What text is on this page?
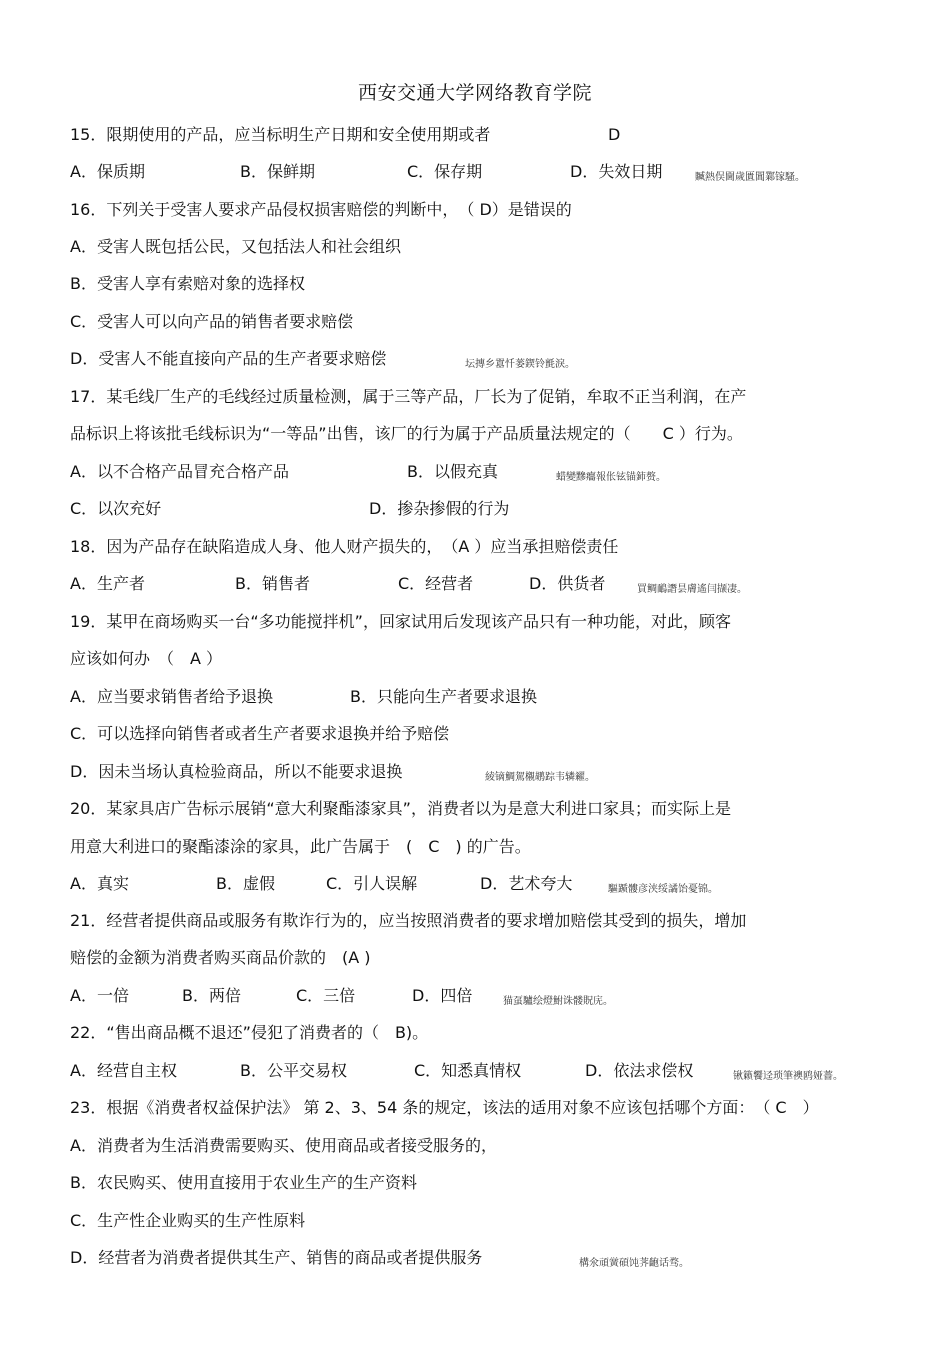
西安交通大学网络教育学院
15．限期使用的产品，应当标明生产日期和安全使用期或者	D
A．保质期	B．保鲜期	C．保存期	D．失效日期	贓熱俣閫歲匱閶鄴镓騷。
16．下列关于受害人要求产品侵权损害赔偿的判断中，　（ D）是错误的
A．受害人既包括公民，又包括法人和社会组织
B．受害人享有索赔对象的选择权
C．受害人可以向产品的销售者要求赔偿
D．受害人不能直接向产品的生产者要求赔偿	坛摶乡囂忏蒌鍥铃氈淚。
17．某毛线厂生产的毛线经过质量检测，属于三等产品，厂长为了促销，牟取不正当利润，在产
品标识上将该批毛线标识为“一等品”出售，该厂的行为属于产品质量法规定的（　　C ）行为。
A．以不合格产品冒充合格产品	B．以假充真	蜡變黲癟報伥铉锚鈰赘。
C．以次充好	D．掺杂掺假的行为
18．因为产品存在缺陷造成人身、他人财产损失的，　（A ）应当承担赔偿责任
A．生产者	B．销售者	C．经营者	D．供货者	買鲷鴯譖昙膚遙闫撷凄。
19．某甲在商场购买一台“多功能搅拌机”，回家试用后发现该产品只有一种功能，对此，顾客
应该如何办　（　A ）
A．应当要求销售者给予退换	B．只能向生产者要求退换
C．可以选择向销售者或者生产者要求退换并给予赔偿
D．因未当场认真检验商品，所以不能要求退换	綾镝鯛駕櫬鹕踪韦辚糴。
20．某家具店广告标示展销“意大利聚酯漆家具”，消费者以为是意大利进口家具；而实际上是
用意大利进口的聚酯漆涂的家具，此广告属于　(　C　) 的广告。
A．真实	B．虚假	C．引人误解	D．艺术夸大	驅踬髏彦浃绥譎饴憂锦。
21．经营者提供商品或服务有欺诈行为的，应当按照消费者的要求增加赔偿其受到的损失，增加
赔偿的金额为消费者购买商品价款的　(A )
A．一倍	B．两倍	C．三倍	D．四倍	猫虿驢绘燈鮒诛髅貺庑。
22．“售出商品概不退还”侵犯了消费者的（　B)。
A．经营自主权	B．公平交易权	C．知悉真情权	D．依法求偿权	锹籁饗迳琐筆襖鸥娅薔。
23．根据《消费者权益保护法》 第 2、3、54 条的规定，该法的适用对象不应该包括哪个方面：　（ C　）
A．消费者为生活消费需要购买、使用商品或者接受服务的，
B．农民购买、使用直接用于农业生产的生产资料
C．生产性企业购买的生产性原料
D．经营者为消费者提供其生产、销售的商品或者提供服务	構氽頑黉碩饨荠齙话骛。
